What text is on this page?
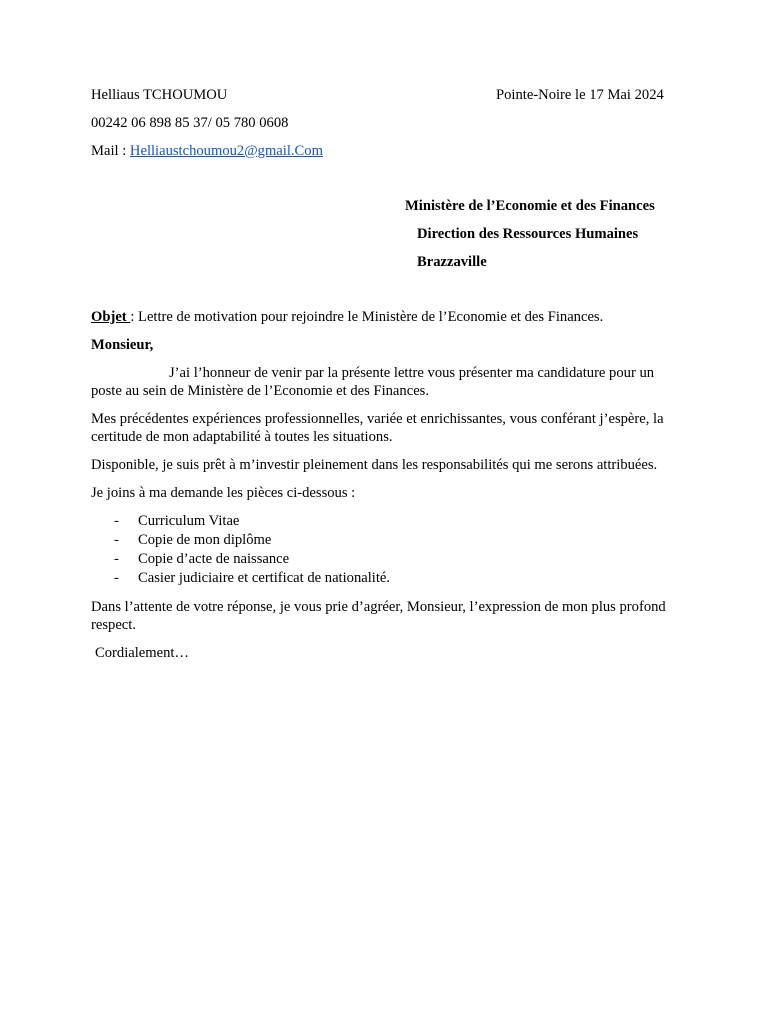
Helliaus TCHOUMOU	Pointe-Noire le 17 Mai 2024
00242 06 898 85 37/ 05 780 0608
Mail : Helliaustchoumou2@gmail.Com
Ministère de l’Economie et des Finances
Direction des Ressources Humaines
Brazzaville

Objet : Lettre de motivation pour rejoindre le Ministère de l’Economie et des Finances.

Monsieur,

J’ai l’honneur de venir par la présente lettre vous présenter ma candidature pour un poste au sein de Ministère de l’Economie et des Finances.

Mes précédentes expériences professionnelles, variée et enrichissantes, vous conférant j’espère, la certitude de mon adaptabilité à toutes les situations.

Disponible, je suis prêt à m’investir pleinement dans les responsabilités qui me serons attribuées.

Je joins à ma demande les pièces ci-dessous :

- Curriculum Vitae
- Copie de mon diplôme
- Copie d’acte de naissance
- Casier judiciaire et certificat de nationalité.

Dans l’attente de votre réponse, je vous prie d’agréer, Monsieur, l’expression de mon plus profond respect.

Cordialement…
